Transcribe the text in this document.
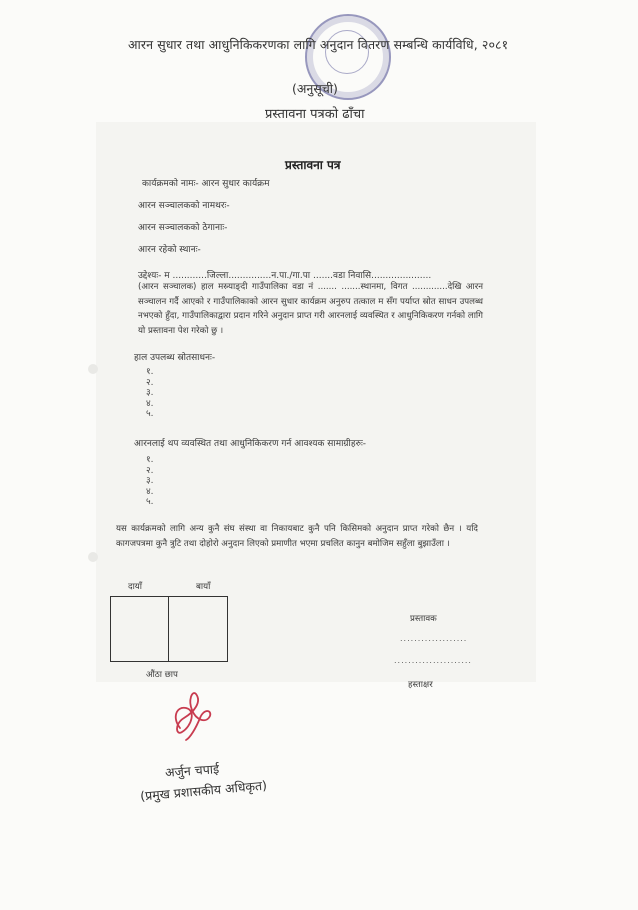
आरन सुधार तथा आधुनिकिकरणका लागि अनुदान वितरण सम्बन्धि कार्यविधि, २०८१
(अनुसूची)
प्रस्तावना पत्रको ढाँचा
प्रस्तावना पत्र
कार्यक्रमको नामः- आरन सुधार कार्यक्रम
आरन सञ्चालकको नामथरः-
आरन सञ्चालकको ठेगानाः-
आरन रहेको स्थानः-
उद्देश्यः- म ............जिल्ला...............न.पा./गा.पा .......वडा निवासि.....................
(आरन सञ्चालक) हाल मस्र्याङ्दी गाउँपालिका वडा नं ....... .......स्थानमा, विगत .............देखि आरन सञ्चालन गर्दै आएको र गाउँपालिकाको आरन सुधार कार्यक्रम अनुरुप तत्काल म सँग पर्याप्त स्रोत साधन उपलब्ध नभएको हुँदा, गाउँपालिकाद्वारा प्रदान गरिने अनुदान प्राप्त गरी आरनलाई व्यवस्थित र आधुनिकिकरण गर्नको लागि यो प्रस्तावना पेश गरेको छु ।
हाल उपलब्ध स्रोतसाधनः-
१.
२.
३.
४.
५.
आरनलाई थप व्यवस्थित तथा आधुनिकिकरण गर्न आवश्यक सामाग्रीहरुः-
१.
२.
३.
४.
५.
यस कार्यक्रमको लागि अन्य कुनै संघ संस्था वा निकायबाट कुनै पनि किसिमको अनुदान प्राप्त गरेको छैन । यदि कागजपत्रमा कुनै त्रुटि तथा दोहोरो अनुदान लिएको प्रमाणीत भएमा प्रचलित कानुन बमोजिम सहुँला बुझाउँला ।
दायाँ	बायाँ
औंठा छाप
प्रस्तावक
...................
......................
हस्ताक्षर
अर्जुन चपाई
(प्रमुख प्रशासकीय अधिकृत)
